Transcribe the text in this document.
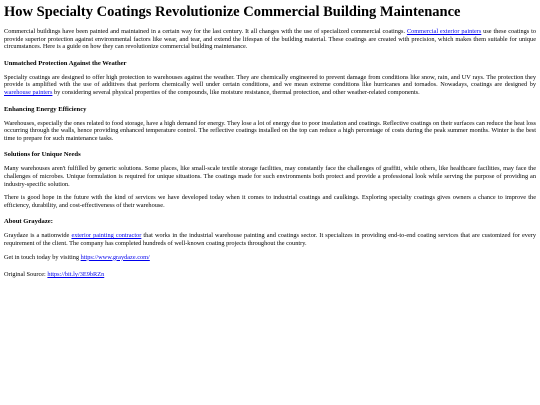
How Specialty Coatings Revolutionize Commercial Building Maintenance

Commercial buildings have been painted and maintained in a certain way for the last century. It all changes with the use of specialized commercial coatings. Commercial exterior painters use these coatings to provide superior protection against environmental factors like wear, and tear, and extend the lifespan of the building material. These coatings are created with precision, which makes them suitable for unique circumstances. Here is a guide on how they can revolutionize commercial building maintenance.

Unmatched Protection Against the Weather

Specialty coatings are designed to offer high protection to warehouses against the weather. They are chemically engineered to prevent damage from conditions like snow, rain, and UV rays. The protection they provide is amplified with the use of additives that perform chemically well under certain conditions, and we mean extreme conditions like hurricanes and tornados. Nowadays, coatings are designed by warehouse painters by considering several physical properties of the compounds, like moisture resistance, thermal protection, and other weather-related components.

Enhancing Energy Efficiency

Warehouses, especially the ones related to food storage, have a high demand for energy. They lose a lot of energy due to poor insulation and coatings. Reflective coatings on their surfaces can reduce the heat loss occurring through the walls, hence providing enhanced temperature control. The reflective coatings installed on the top can reduce a high percentage of costs during the peak summer months. Winter is the best time to prepare for such maintenance tasks.

Solutions for Unique Needs

Many warehouses aren't fulfilled by generic solutions. Some places, like small-scale textile storage facilities, may constantly face the challenges of graffiti, while others, like healthcare facilities, may face the challenges of microbes. Unique formulation is required for unique situations. The coatings made for such environments both protect and provide a professional look while serving the purpose of providing an industry-specific solution.

There is good hope in the future with the kind of services we have developed today when it comes to industrial coatings and caulkings. Exploring specialty coatings gives owners a chance to improve the efficiency, durability, and cost-effectiveness of their warehouse.

About Graydaze:

Graydaze is a nationwide exterior painting contractor that works in the industrial warehouse painting and coatings sector. It specializes in providing end-to-end coating services that are customized for every requirement of the client. The company has completed hundreds of well-known coating projects throughout the country.

Get in touch today by visiting https://www.graydaze.com/

Original Source: https://bit.ly/3E9bRZn
